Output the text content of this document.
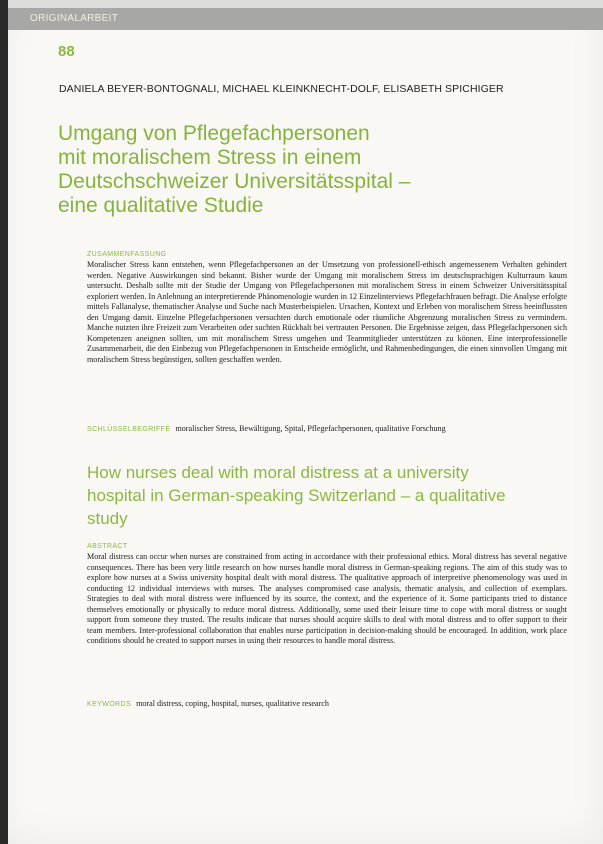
ORIGINALARBEIT
88
DANIELA BEYER-BONTOGNALI, MICHAEL KLEINKNECHT-DOLF, ELISABETH SPICHIGER
Umgang von Pflegefachpersonen
mit moralischem Stress in einem
Deutschschweizer Universitätsspital –
eine qualitative Studie
ZUSAMMENFASSUNG
Moralischer Stress kann entstehen, wenn Pflegefachpersonen an der Umsetzung von professionell-ethisch angemessenem Verhalten gehindert werden. Negative Auswirkungen sind bekannt. Bisher wurde der Umgang mit moralischem Stress im deutschsprachigen Kulturraum kaum untersucht. Deshalb sollte mit der Studie der Umgang von Pflegefachpersonen mit moralischem Stress in einem Schweizer Universitätsspital exploriert werden. In Anlehnung an interpretierende Phänomenologie wurden in 12 Einzelinterviews Pflegefachfrauen befragt. Die Analyse erfolgte mittels Fallanalyse, thematischer Analyse und Suche nach Musterbeispielen. Ursachen, Kontext und Erleben von moralischem Stress beeinflussten den Umgang damit. Einzelne Pflegefachpersonen versuchten durch emotionale oder räumliche Abgrenzung moralischen Stress zu vermindern. Manche nutzten ihre Freizeit zum Verarbeiten oder suchten Rückhalt bei vertrauten Personen. Die Ergebnisse zeigen, dass Pflegefachpersonen sich Kompetenzen aneignen sollten, um mit moralischem Stress umgehen und Teammitglieder unterstützen zu können. Eine interprofessionelle Zusammenarbeit, die den Einbezug von Pflegefachpersonen in Entscheide ermöglicht, und Rahmenbedingungen, die einen sinnvollen Umgang mit moralischem Stress begünstigen, sollten geschaffen werden.
SCHLÜSSELBEGRIFFE moralischer Stress, Bewältigung, Spital, Pflegefachpersonen, qualitative Forschung
How nurses deal with moral distress at a university
hospital in German-speaking Switzerland – a qualitative
study
ABSTRACT
Moral distress can occur when nurses are constrained from acting in accordance with their professional ethics. Moral distress has several negative consequences. There has been very little research on how nurses handle moral distress in German-speaking regions. The aim of this study was to explore how nurses at a Swiss university hospital dealt with moral distress. The qualitative approach of interpretive phenomenology was used in conducting 12 individual interviews with nurses. The analyses compromised case analysis, thematic analysis, and collection of exemplars. Strategies to deal with moral distress were influenced by its source, the context, and the experience of it. Some participants tried to distance themselves emotionally or physically to reduce moral distress. Additionally, some used their leisure time to cope with moral distress or sought support from someone they trusted. The results indicate that nurses should acquire skills to deal with moral distress and to offer support to their team members. Inter-professional collaboration that enables nurse participation in decision-making should be encouraged. In addition, work place conditions should be created to support nurses in using their resources to handle moral distress.
KEYWORDS moral distress, coping, hospital, nurses, qualitative research
